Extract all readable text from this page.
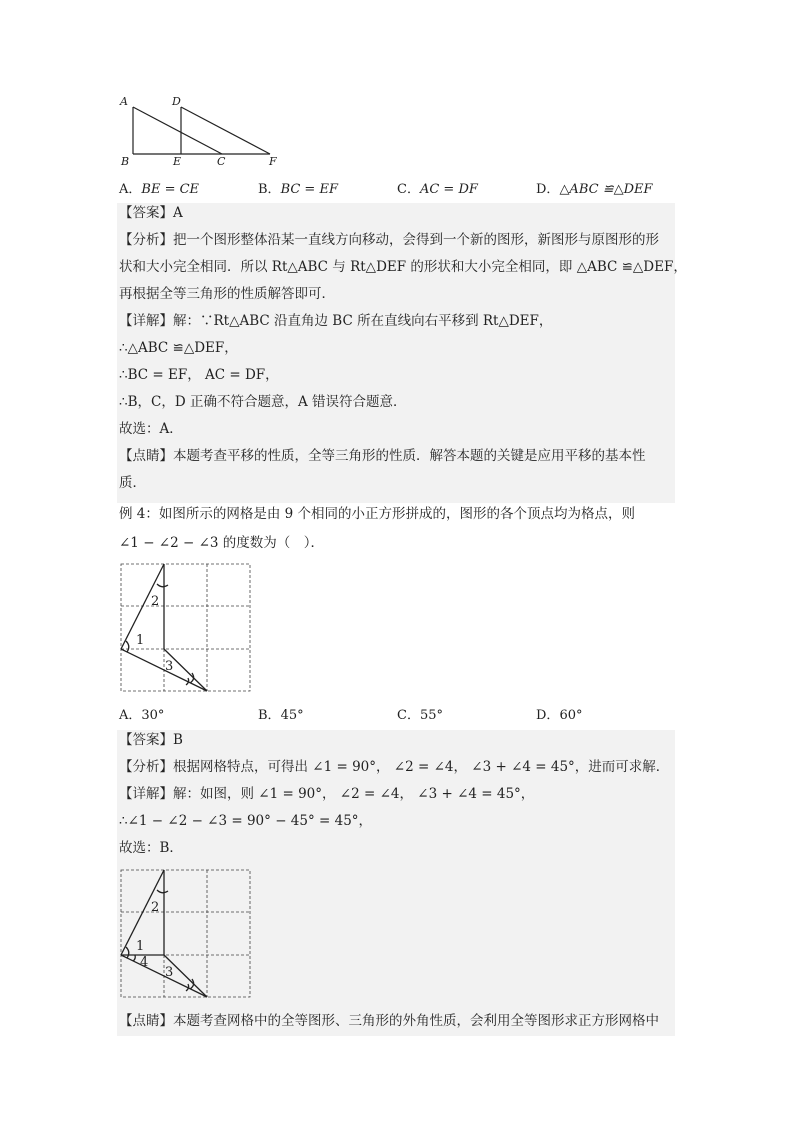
A	D
B	E	C	F
A．BE = CE	B．BC = EF	C．AC = DF	D．△ABC ≌△DEF
【答案】A
【分析】把一个图形整体沿某一直线方向移动，会得到一个新的图形，新图形与原图形的形
状和大小完全相同．所以 Rt△ABC 与 Rt△DEF 的形状和大小完全相同，即 △ABC ≌△DEF，
再根据全等三角形的性质解答即可．
【详解】解：∵Rt△ABC 沿直角边 BC 所在直线向右平移到 Rt△DEF，
∴△ABC ≌△DEF，
∴BC = EF， AC = DF，
∴B，C，D 正确不符合题意，A 错误符合题意．
故选：A．
【点睛】本题考查平移的性质，全等三角形的性质．解答本题的关键是应用平移的基本性
质．
例 4：如图所示的网格是由 9 个相同的小正方形拼成的，图形的各个顶点均为格点，则
∠1 − ∠2 − ∠3 的度数为（　）．
2
1
3
A．30°	B．45°	C．55°	D．60°
【答案】B
【分析】根据网格特点，可得出 ∠1 = 90°， ∠2 = ∠4， ∠3 + ∠4 = 45°，进而可求解．
【详解】解：如图，则 ∠1 = 90°， ∠2 = ∠4， ∠3 + ∠4 = 45°，
∴∠1 − ∠2 − ∠3 = 90° − 45° = 45°，
故选：B．
2
1
4
3
【点睛】本题考查网格中的全等图形、三角形的外角性质，会利用全等图形求正方形网格中
